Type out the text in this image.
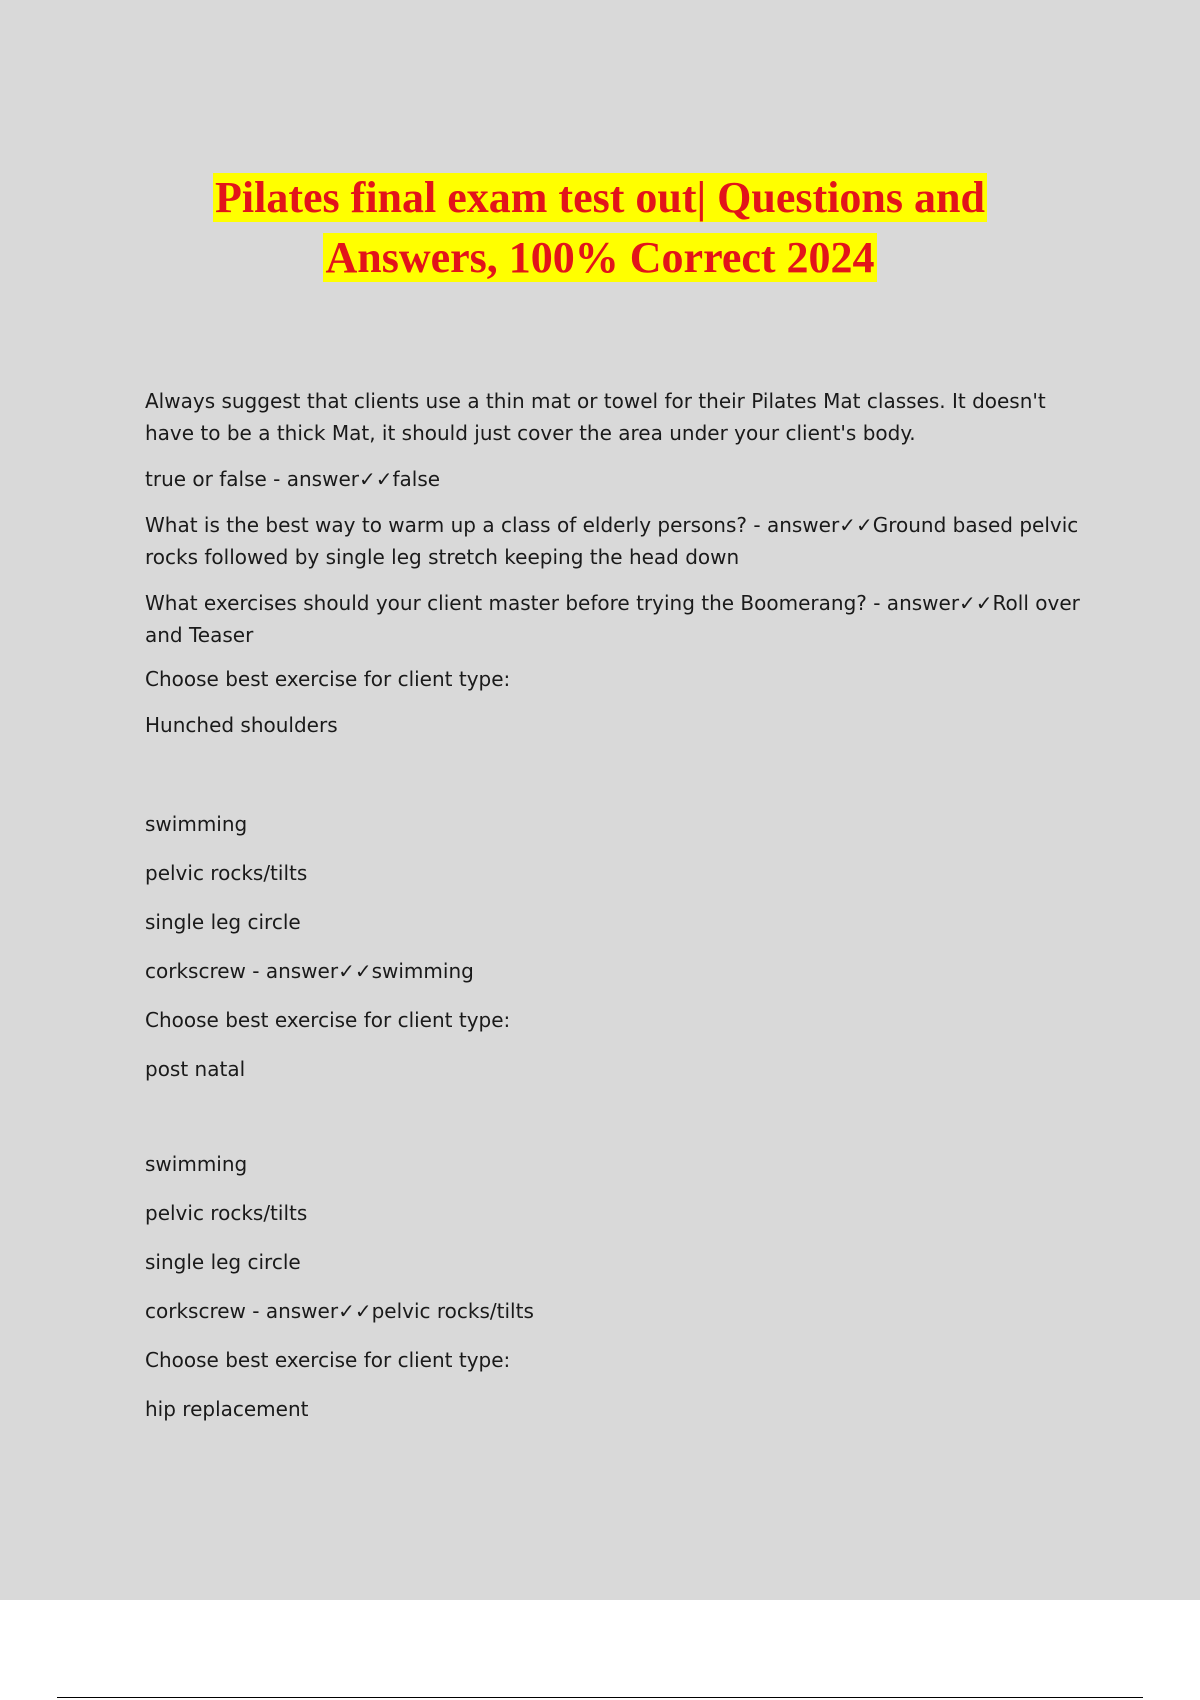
Pilates final exam test out| Questions and
Answers, 100% Correct 2024

Always suggest that clients use a thin mat or towel for their Pilates Mat classes. It doesn't have to be a thick Mat, it should just cover the area under your client's body.

true or false - answer✓✓false

What is the best way to warm up a class of elderly persons? - answer✓✓Ground based pelvic rocks followed by single leg stretch keeping the head down

What exercises should your client master before trying the Boomerang? - answer✓✓Roll over and Teaser

Choose best exercise for client type:

Hunched shoulders

swimming

pelvic rocks/tilts

single leg circle

corkscrew - answer✓✓swimming

Choose best exercise for client type:

post natal

swimming

pelvic rocks/tilts

single leg circle

corkscrew - answer✓✓pelvic rocks/tilts

Choose best exercise for client type:

hip replacement
